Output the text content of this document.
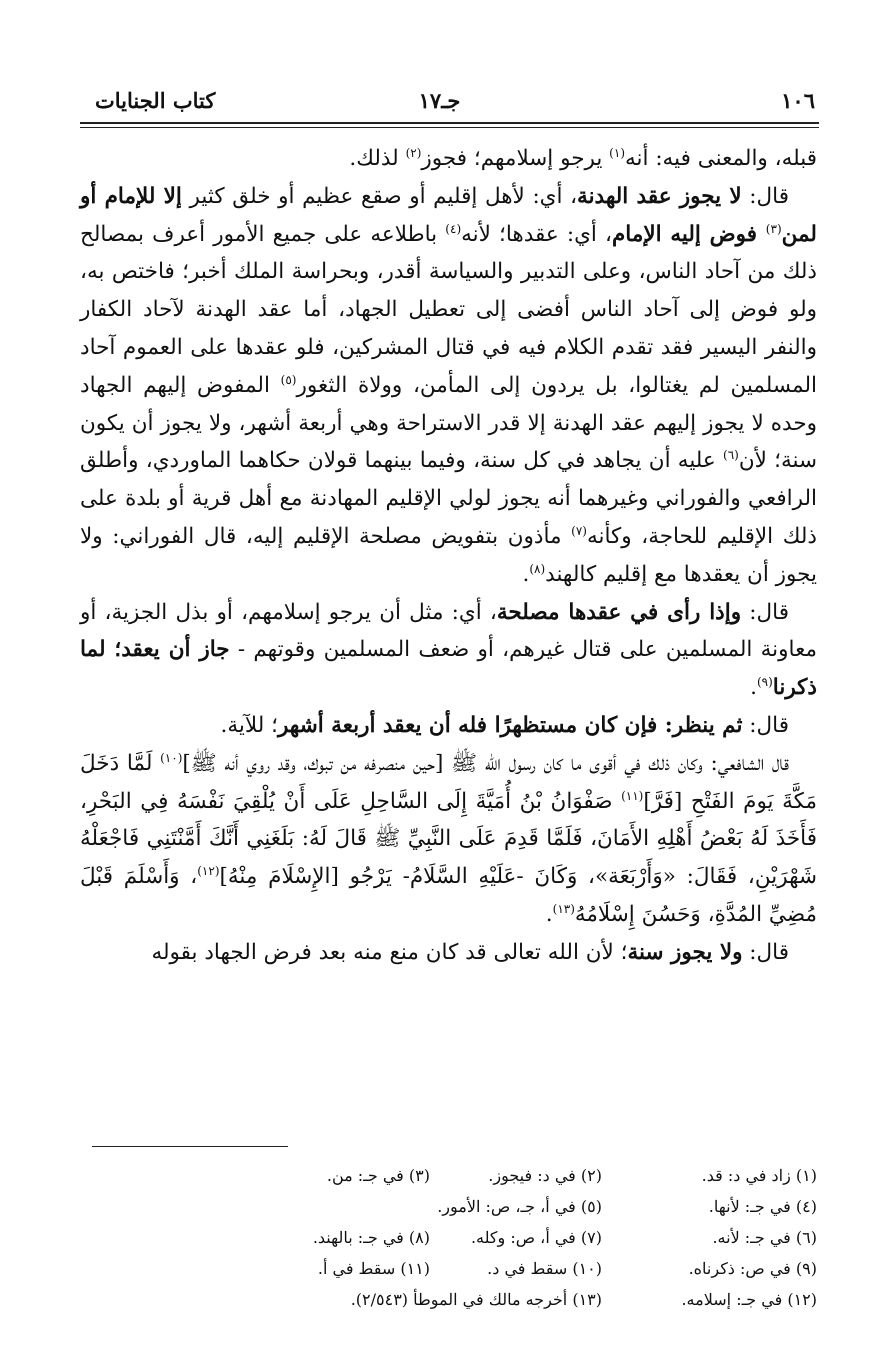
١٠٦
جـ١٧
كتاب الجنايات

قبله، والمعنى فيه: أنه$^{(١)}$ يرجو إسلامهم؛ فجوز$^{(٢)}$ لذلك.

قال: لا يجوز عقد الهدنة، أي: لأهل إقليم أو صقع عظيم أو خلق كثير إلا للإمام أو لمن$^{(٣)}$ فوض إليه الإمام، أي: عقدها؛ لأنه$^{(٤)}$ باطلاعه على جميع الأمور أعرف بمصالح ذلك من آحاد الناس، وعلى التدبير والسياسة أقدر، وبحراسة الملك أخبر؛ فاختص به، ولو فوض إلى آحاد الناس أفضى إلى تعطيل الجهاد، أما عقد الهدنة لآحاد الكفار والنفر اليسير فقد تقدم الكلام فيه في قتال المشركين، فلو عقدها على العموم آحاد المسلمين لم يغتالوا، بل يردون إلى المأمن، وولاة الثغور$^{(٥)}$ المفوض إليهم الجهاد وحده لا يجوز إليهم عقد الهدنة إلا قدر الاستراحة وهي أربعة أشهر، ولا يجوز أن يكون سنة؛ لأن$^{(٦)}$ عليه أن يجاهد في كل سنة، وفيما بينهما قولان حكاهما الماوردي، وأطلق الرافعي والفوراني وغيرهما أنه يجوز لولي الإقليم المهادنة مع أهل قرية أو بلدة على ذلك الإقليم للحاجة، وكأنه$^{(٧)}$ مأذون بتفويض مصلحة الإقليم إليه، قال الفوراني: ولا يجوز أن يعقدها مع إقليم كالهند$^{(٨)}$.

قال: وإذا رأى في عقدها مصلحة، أي: مثل أن يرجو إسلامهم، أو بذل الجزية، أو معاونة المسلمين على قتال غيرهم، أو ضعف المسلمين وقوتهم - جاز أن يعقد؛ لما ذكرنا$^{(٩)}$.

قال: ثم ينظر: فإن كان مستظهرًا فله أن يعقد أربعة أشهر؛ للآية.

قال الشافعي: وكان ذلك في أقوى ما كان رسول الله ﷺ [حين منصرفه من تبوك، وقد روي أنه ﷺ]$^{(١٠)}$ لَمَّا دَخَلَ مَكَّةَ يَومَ الفَتْحِ [فَرَّ]$^{(١١)}$ صَفْوَانُ بْنُ أُمَيَّةَ إِلَى السَّاحِلِ عَلَى أَنْ يُلْقِيَ نَفْسَهُ فِي البَحْرِ، فَأَخَذَ لَهُ بَعْضُ أَهْلِهِ الأَمَانَ، فَلَمَّا قَدِمَ عَلَى النَّبِيِّ ﷺ قَالَ لَهُ: بَلَغَنِي أَنَّكَ أَمَّنْتَنِي فَاجْعَلْهُ شَهْرَيْنِ، فَقَالَ: «وَأَرْبَعَة»، وَكَانَ -عَلَيْهِ السَّلَامُ- يَرْجُو [الإِسْلَامَ مِنْهُ]$^{(١٢)}$، وَأَسْلَمَ قَبْلَ مُضِيِّ المُدَّةِ، وَحَسُنَ إِسْلَامُهُ$^{(١٣)}$.

قال: ولا يجوز سنة؛ لأن الله تعالى قد كان منع منه بعد فرض الجهاد بقوله

(١) زاد في د: قد.
(٢) في د: فيجوز.
(٣) في جـ: من.
(٤) في جـ: لأنها.
(٥) في أ، جـ، ص: الأمور.
(٦) في جـ: لأنه.
(٧) في أ، ص: وكله.
(٨) في جـ: بالهند.
(٩) في ص: ذكرناه.
(١٠) سقط في د.
(١١) سقط في أ.
(١٢) في جـ: إسلامه.
(١٣) أخرجه مالك في الموطأ (٢/٥٤٣).
